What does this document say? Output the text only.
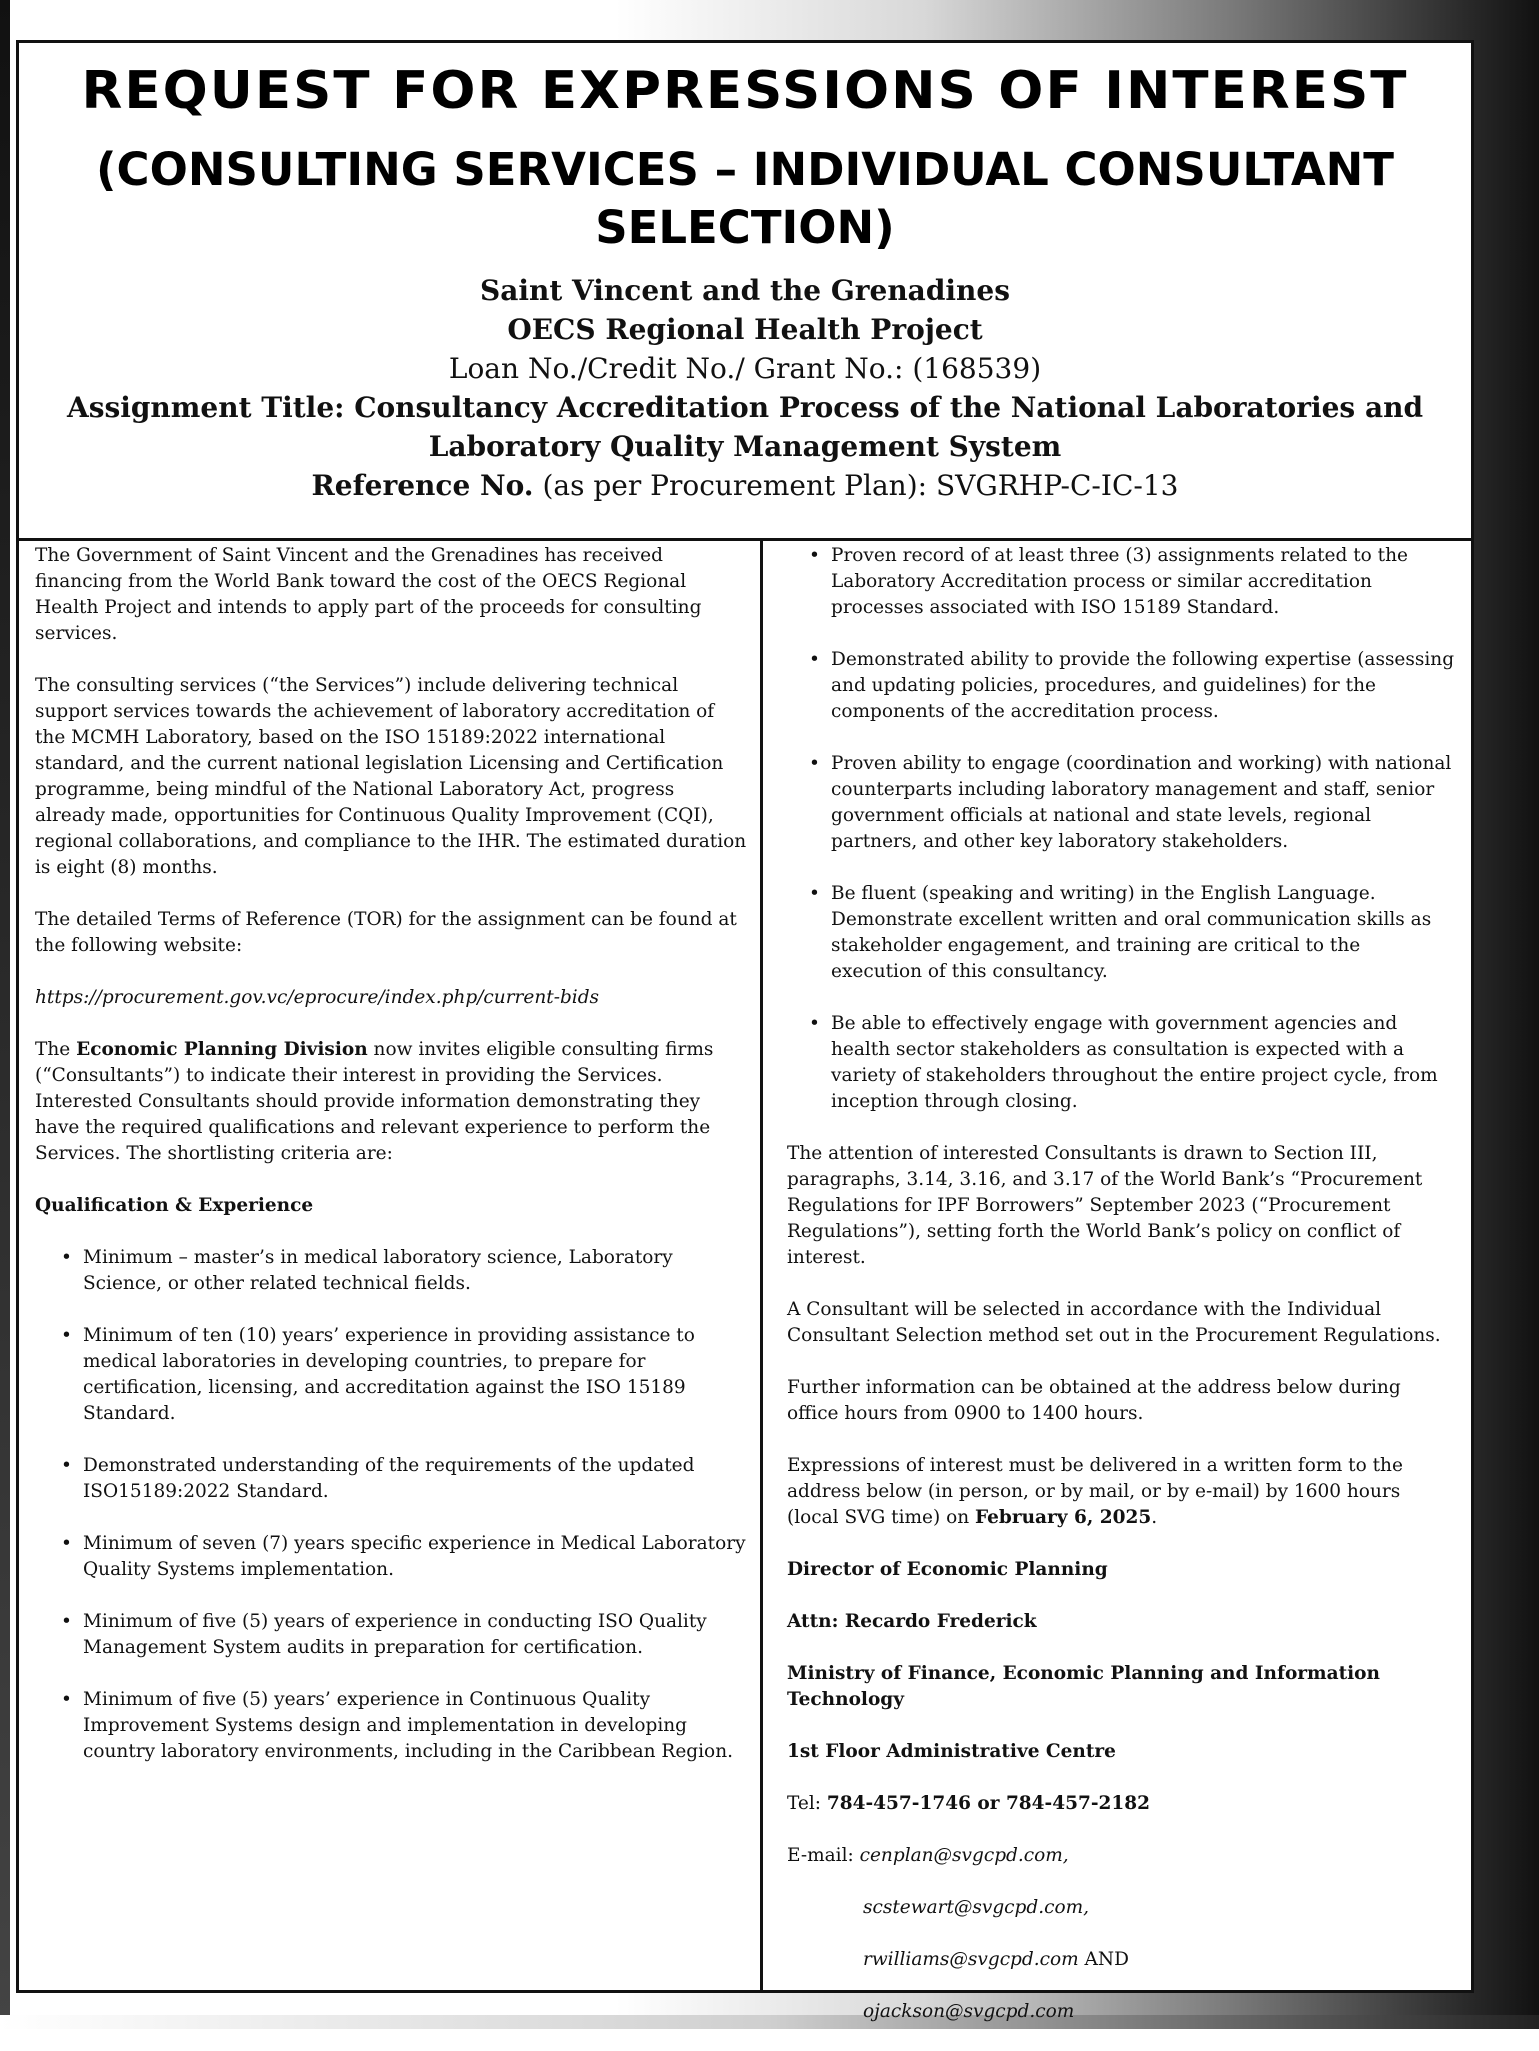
REQUEST FOR EXPRESSIONS OF INTEREST
(CONSULTING SERVICES – INDIVIDUAL CONSULTANT SELECTION)
Saint Vincent and the Grenadines
OECS Regional Health Project
Loan No./Credit No./ Grant No.: (168539)
Assignment Title: Consultancy Accreditation Process of the National Laboratories and Laboratory Quality Management System
Reference No. (as per Procurement Plan): SVGRHP-C-IC-13

The Government of Saint Vincent and the Grenadines has received financing from the World Bank toward the cost of the OECS Regional Health Project and intends to apply part of the proceeds for consulting services.

The consulting services (“the Services”) include delivering technical support services towards the achievement of laboratory accreditation of the MCMH Laboratory, based on the ISO 15189:2022 international standard, and the current national legislation Licensing and Certification programme, being mindful of the National Laboratory Act, progress already made, opportunities for Continuous Quality Improvement (CQI), regional collaborations, and compliance to the IHR. The estimated duration is eight (8) months.

The detailed Terms of Reference (TOR) for the assignment can be found at the following website:

https://procurement.gov.vc/eprocure/index.php/current-bids

The Economic Planning Division now invites eligible consulting firms (“Consultants”) to indicate their interest in providing the Services. Interested Consultants should provide information demonstrating they have the required qualifications and relevant experience to perform the Services. The shortlisting criteria are:

Qualification & Experience

• Minimum – master’s in medical laboratory science, Laboratory Science, or other related technical fields.
• Minimum of ten (10) years’ experience in providing assistance to medical laboratories in developing countries, to prepare for certification, licensing, and accreditation against the ISO 15189 Standard.
• Demonstrated understanding of the requirements of the updated ISO15189:2022 Standard.
• Minimum of seven (7) years specific experience in Medical Laboratory Quality Systems implementation.
• Minimum of five (5) years of experience in conducting ISO Quality Management System audits in preparation for certification.
• Minimum of five (5) years’ experience in Continuous Quality Improvement Systems design and implementation in developing country laboratory environments, including in the Caribbean Region.
• Proven record of at least three (3) assignments related to the Laboratory Accreditation process or similar accreditation processes associated with ISO 15189 Standard.
• Demonstrated ability to provide the following expertise (assessing and updating policies, procedures, and guidelines) for the components of the accreditation process.
• Proven ability to engage (coordination and working) with national counterparts including laboratory management and staff, senior government officials at national and state levels, regional partners, and other key laboratory stakeholders.
• Be fluent (speaking and writing) in the English Language. Demonstrate excellent written and oral communication skills as stakeholder engagement, and training are critical to the execution of this consultancy.
• Be able to effectively engage with government agencies and health sector stakeholders as consultation is expected with a variety of stakeholders throughout the entire project cycle, from inception through closing.

The attention of interested Consultants is drawn to Section III, paragraphs, 3.14, 3.16, and 3.17 of the World Bank’s “Procurement Regulations for IPF Borrowers” September 2023 (“Procurement Regulations”), setting forth the World Bank’s policy on conflict of interest.

A Consultant will be selected in accordance with the Individual Consultant Selection method set out in the Procurement Regulations.

Further information can be obtained at the address below during office hours from 0900 to 1400 hours.

Expressions of interest must be delivered in a written form to the address below (in person, or by mail, or by e-mail) by 1600 hours (local SVG time) on February 6, 2025.

Director of Economic Planning

Attn: Recardo Frederick

Ministry of Finance, Economic Planning and Information Technology

1st Floor Administrative Centre

Tel: 784-457-1746 or 784-457-2182

E-mail: cenplan@svgcpd.com,

scstewart@svgcpd.com,

rwilliams@svgcpd.com AND

ojackson@svgcpd.com
